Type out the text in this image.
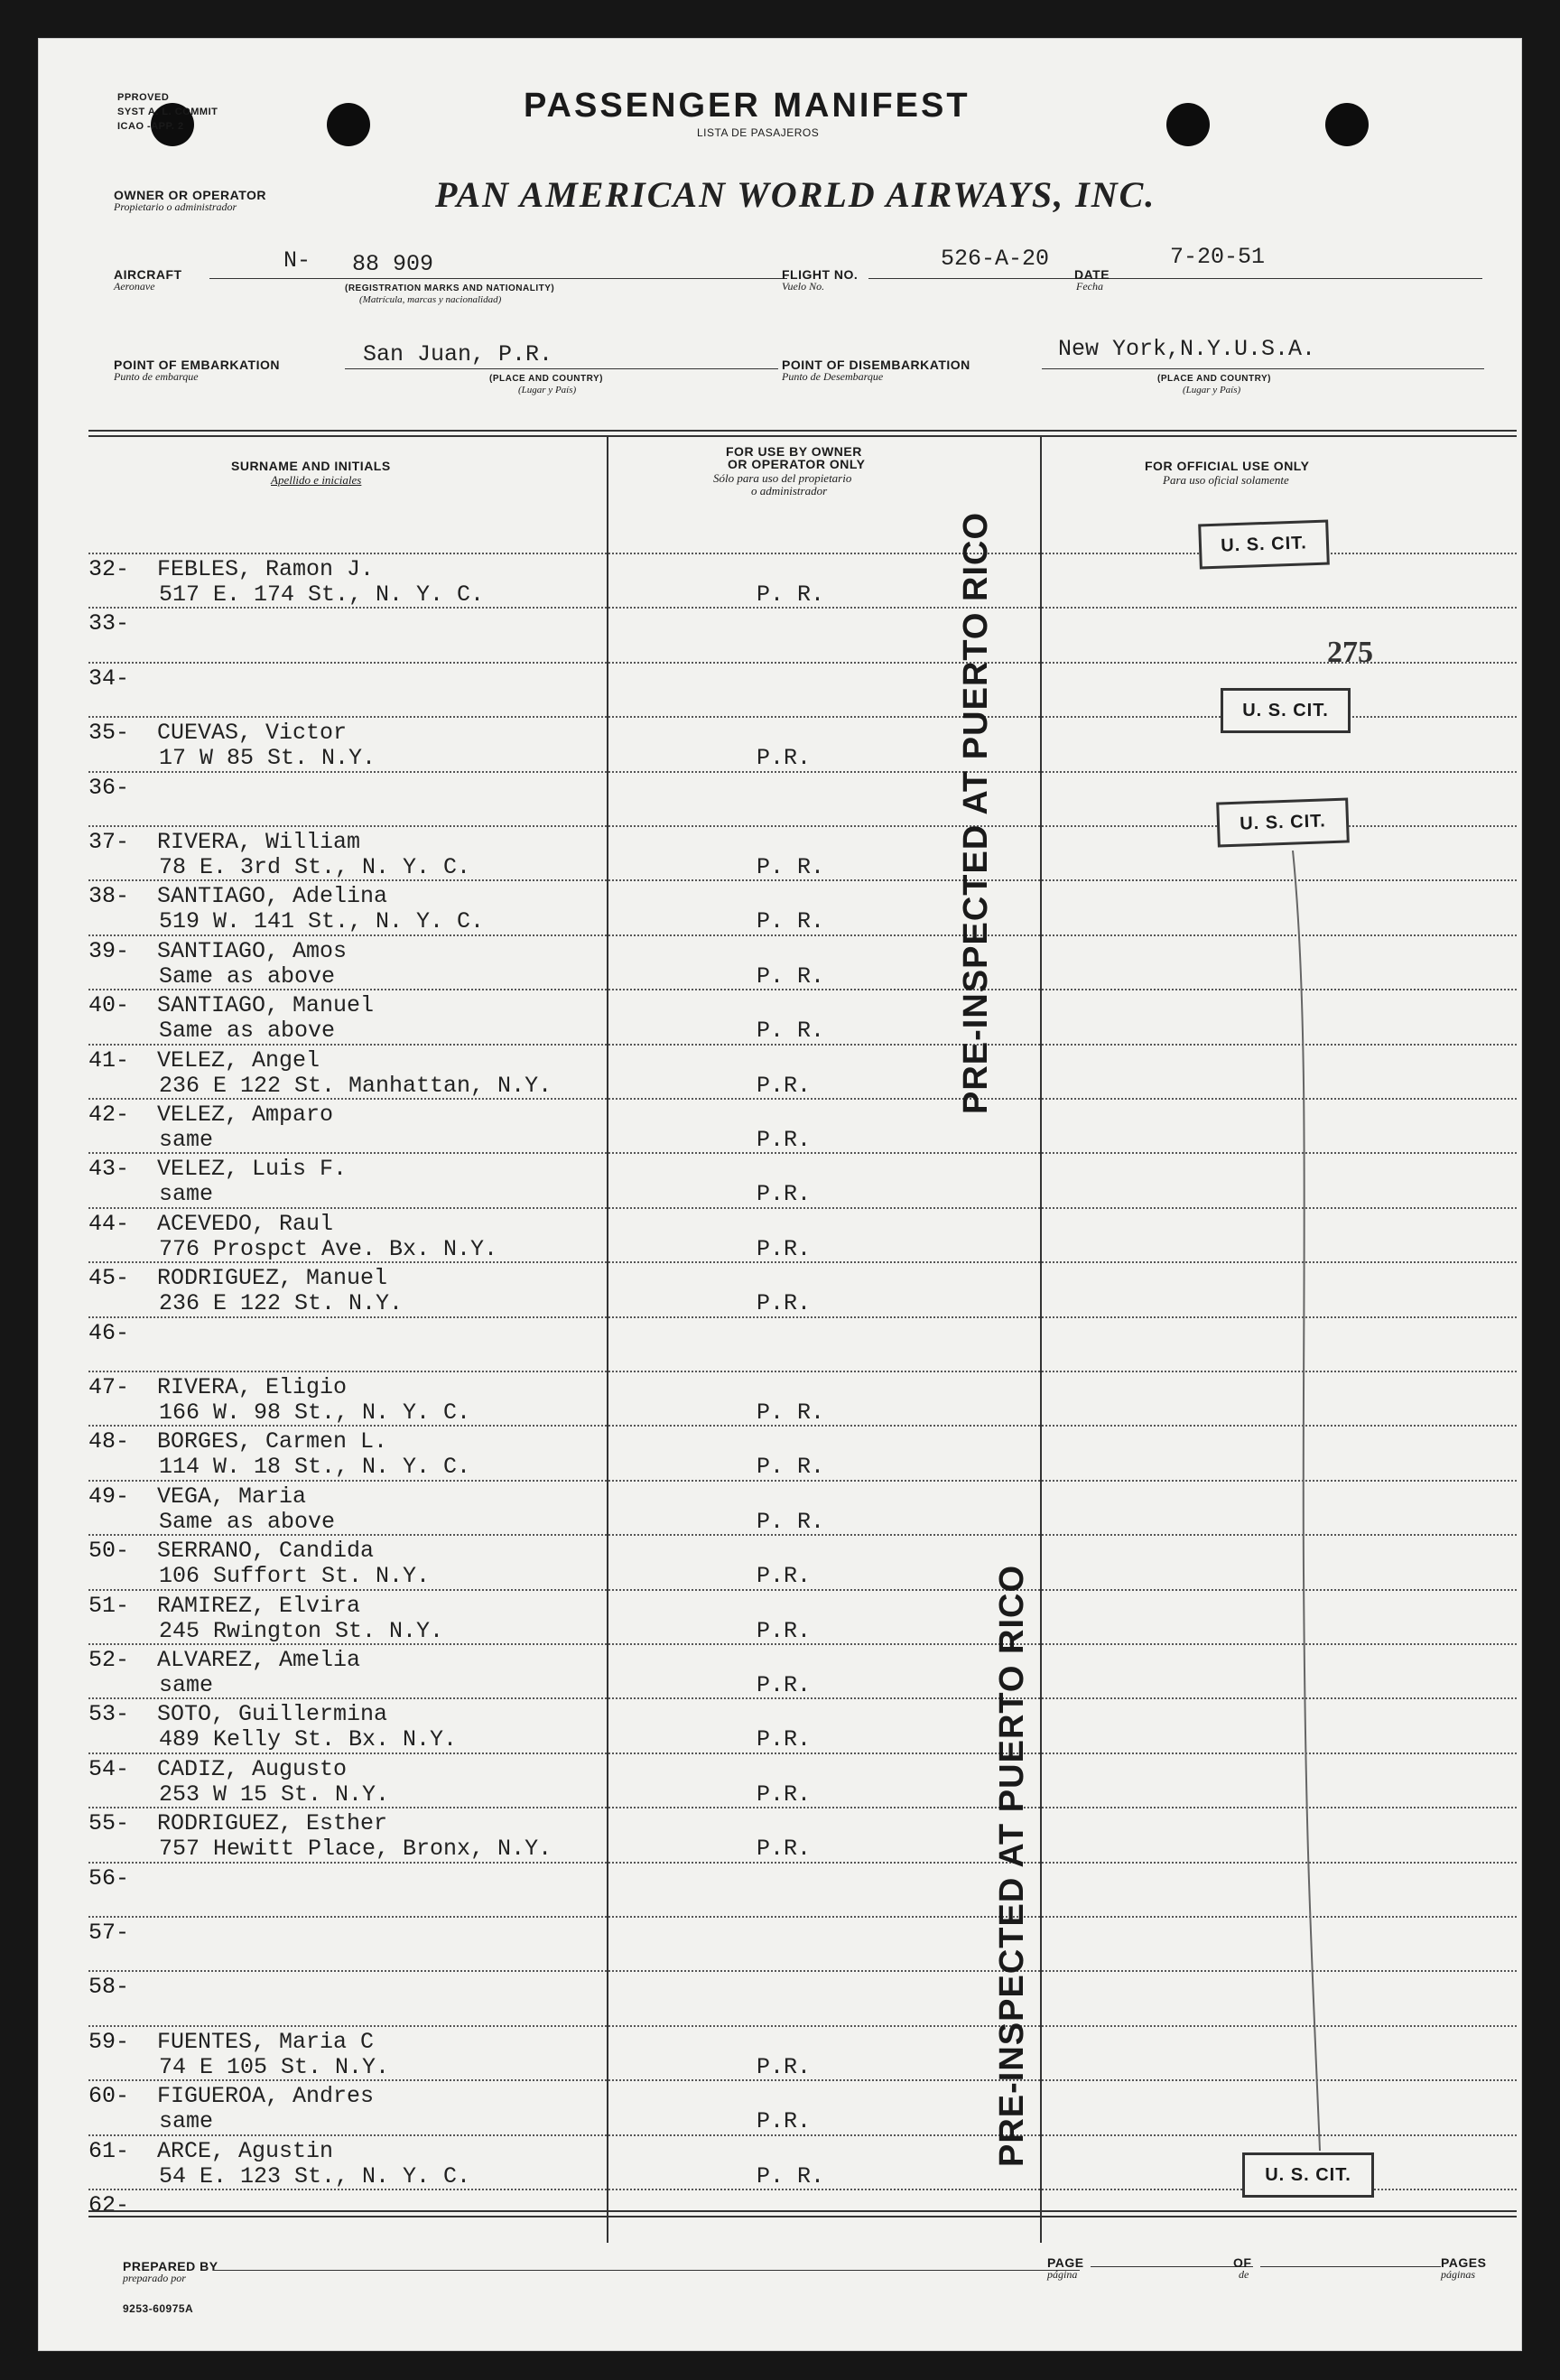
PPROVED
SYST A. L. COMMIT
ICAO -APP. 2
PASSENGER MANIFEST
LISTA DE PASAJEROS
OWNER OR OPERATOR
Propietario o administrador	PAN AMERICAN WORLD AIRWAYS, INC.
AIRCRAFT
Aeronave
N- 88 909
(REGISTRATION MARKS AND NATIONALITY)
(Matrícula, marcas y nacionalidad)
FLIGHT NO.
Vuelo No.
526-A-20
DATE
Fecha
7-20-51
POINT OF EMBARKATION
Punto de embarque
San Juan, P.R.
(PLACE AND COUNTRY)
(Lugar y País)
POINT OF DISEMBARKATION
Punto de Desembarque
New York,N.Y.U.S.A.
(PLACE AND COUNTRY)
(Lugar y País)
SURNAME AND INITIALS
Apellido e iniciales
FOR USE BY OWNER
OR OPERATOR ONLY
Sólo para uso del propietario
o administrador
FOR OFFICIAL USE ONLY
Para uso oficial solamente
32- FEBLES, Ramon J.
517 E. 174 St., N. Y. C.	P. R.
33-
34-
35- CUEVAS, Victor
17 W 85 St. N.Y.	P.R.
36-
37- RIVERA, William
78 E. 3rd St., N. Y. C.	P. R.
38- SANTIAGO, Adelina
519 W. 141 St., N. Y. C.	P. R.
39- SANTIAGO, Amos
Same as above	P. R.
40- SANTIAGO, Manuel
Same as above	P. R.
41- VELEZ, Angel
236 E 122 St. Manhattan, N.Y.	P.R.
42- VELEZ, Amparo
same	P.R.
43- VELEZ, Luis F.
same	P.R.
44- ACEVEDO, Raul
776 Prospct Ave. Bx. N.Y.	P.R.
45- RODRIGUEZ, Manuel
236 E 122 St. N.Y.	P.R.
46-
47- RIVERA, Eligio
166 W. 98 St., N. Y. C.	P. R.
48- BORGES, Carmen L.
114 W. 18 St., N. Y. C.	P. R.
49- VEGA, Maria
Same as above	P. R.
50- SERRANO, Candida
106 Suffort St. N.Y.	P.R.
51- RAMIREZ, Elvira
245 Rwington St. N.Y.	P.R.
52- ALVAREZ, Amelia
same	P.R.
53- SOTO, Guillermina
489 Kelly St. Bx. N.Y.	P.R.
54- CADIZ, Augusto
253 W 15 St. N.Y.	P.R.
55- RODRIGUEZ, Esther
757 Hewitt Place, Bronx, N.Y.	P.R.
56-
57-
58-
59- FUENTES, Maria C
74 E 105 St. N.Y.	P.R.
60- FIGUEROA, Andres
same	P.R.
61- ARCE, Agustin
54 E. 123 St., N. Y. C.	P. R.
62-
PRE-INSPECTED AT PUERTO RICO
PRE-INSPECTED AT PUERTO RICO
U. S. CIT.
U. S. CIT.
U. S. CIT.
U. S. CIT.
275
PREPARED BY
preparado por
PAGE
página
OF
de
PAGES
páginas
9253-60975A
